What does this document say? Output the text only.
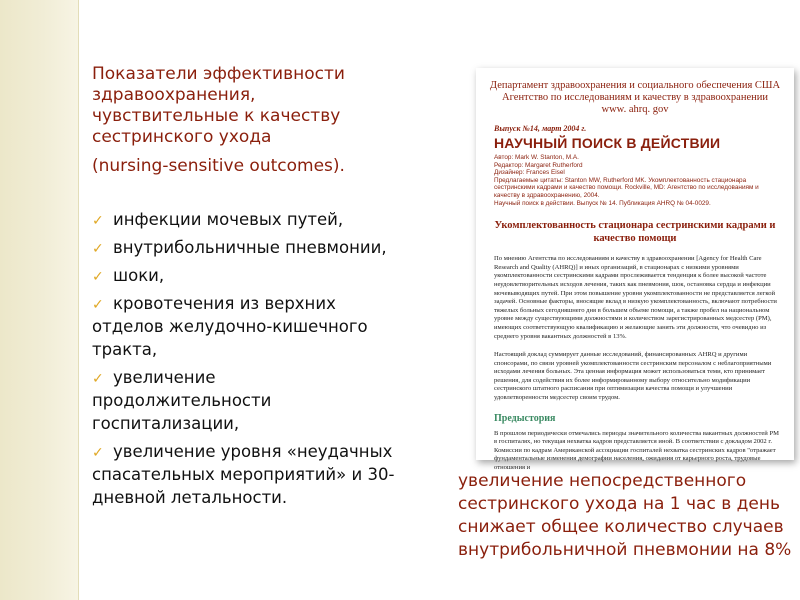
Показатели эффективности здравоохранения, чувствительные к качеству сестринского ухода

(nursing-sensitive outcomes).

✓ инфекции мочевых путей,
✓ внутрибольничные пневмонии,
✓ шоки,
✓ кровотечения из верхних отделов желудочно-кишечного тракта,
✓ увеличение продолжительности госпитализации,
✓ увеличение уровня «неудачных спасательных мероприятий» и 30-дневной летальности.
Департамент здравоохранения и социального обеспечения США
Агентство по исследованиям и качеству в здравоохранении
www. ahrq. gov
Выпуск №14, март 2004 г.
НАУЧНЫЙ ПОИСК В ДЕЙСТВИИ
Автор: Mark W. Stanton, M.A.
Редактор: Margaret Rutherford
Дизайнер: Frances Eisel
Предлагаемые цитаты: Stanton MW, Rutherford MK. Укомплектованность стационара сестринскими кадрами и качество помощи. Rockville, MD: Агентство по исследованиям и качеству в здравоохранению, 2004.
Научный поиск в действии. Выпуск № 14. Публикация AHRQ № 04-0029.
Укомплектованность стационара сестринскими кадрами и качество помощи
По мнению Агентства по исследованиям и качеству в здравоохранении [Agency for Health Care Research and Quality (AHRQ)] и иных организаций, в стационарах с низкими уровнями укомплектованности сестринскими кадрами прослеживается тенденция к более высокой частоте неудовлетворительных исходов лечения, таких как пневмония, шок, остановка сердца и инфекции мочевыводящих путей. При этом повышение уровня укомплектованности не представляется легкой задачей. Основные факторы, вносящие вклад в низкую укомплектованность, включают потребности тяжелых больных сегодняшнего дня в большем объеме помощи, а также пробел на национальном уровне между существующими должностями и количеством зарегистрированных медсестер (РМ), имеющих соответствующую квалификацию и желающие занять эти должности, что очевидно из среднего уровня вакантных должностей в 13%.
Настоящий доклад суммирует данные исследований, финансированных AHRQ и другими спонсорами, по связи уровней укомплектованности сестринским персоналом с неблагоприятными исходами лечения больных. Эта ценная информация может использоваться теми, кто принимает решения, для содействия их более информированному выбору относительно модификации сестринского штатного расписания при оптимизации качества помощи и улучшении удовлетворенности медсестер своим трудом.
Предыстория
В прошлом периодически отмечались периоды значительного количества вакантных должностей РМ в госпиталях, но текущая нехватка кадров представляется иной. В соответствии с докладом 2002 г. Комиссии по кадрам Американской ассоциации госпиталей нехватка сестринских кадров "отражает фундаментальные изменения демографии населения, ожидания от карьерного роста, трудовые отношения и
увеличение непосредственного сестринского ухода на 1 час в день снижает общее количество случаев внутрибольничной пневмонии на 8%
